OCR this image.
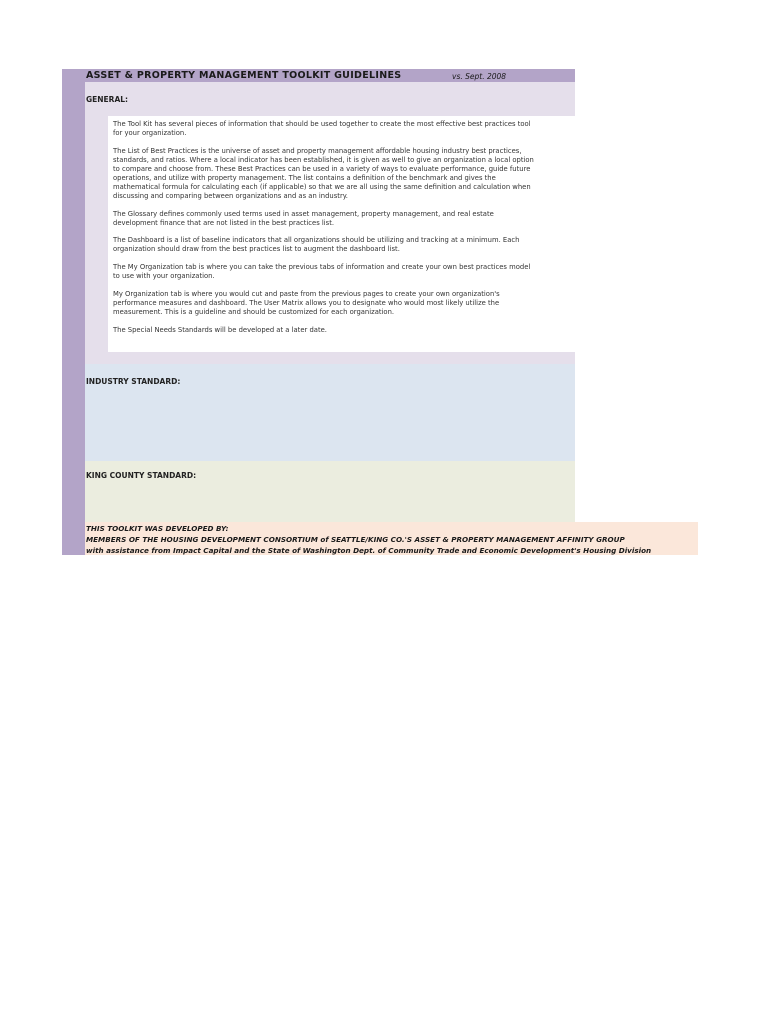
ASSET & PROPERTY MANAGEMENT TOOLKIT GUIDELINES	vs. Sept. 2008
GENERAL:
The Tool Kit has several pieces of information that should be used together to create the most effective best practices tool
for your organization.
The List of Best Practices is the universe of asset and property management affordable housing industry best practices,
standards, and ratios. Where a local indicator has been established, it is given as well to give an organization a local option
to compare and choose from. These Best Practices can be used in a variety of ways to evaluate performance, guide future
operations, and utilize with property management. The list contains a definition of the benchmark and gives the
mathematical formula for calculating each (if applicable) so that we are all using the same definition and calculation when
discussing and comparing between organizations and as an industry.
The Glossary defines commonly used terms used in asset management, property management, and real estate
development finance that are not listed in the best practices list.
The Dashboard is a list of baseline indicators that all organizations should be utilizing and tracking at a minimum. Each
organization should draw from the best practices list to augment the dashboard list.
The My Organization tab is where you can take the previous tabs of information and create your own best practices model
to use with your organization.
My Organization tab is where you would cut and paste from the previous pages to create your own organization's
performance measures and dashboard. The User Matrix allows you to designate who would most likely utilize the
measurement. This is a guideline and should be customized for each organization.
The Special Needs Standards will be developed at a later date.
INDUSTRY STANDARD:
KING COUNTY STANDARD:
THIS TOOLKIT WAS DEVELOPED BY:
MEMBERS OF THE HOUSING DEVELOPMENT CONSORTIUM of SEATTLE/KING CO.'S ASSET & PROPERTY MANAGEMENT AFFINITY GROUP
with assistance from Impact Capital and the State of Washington Dept. of Community Trade and Economic Development's Housing Division
